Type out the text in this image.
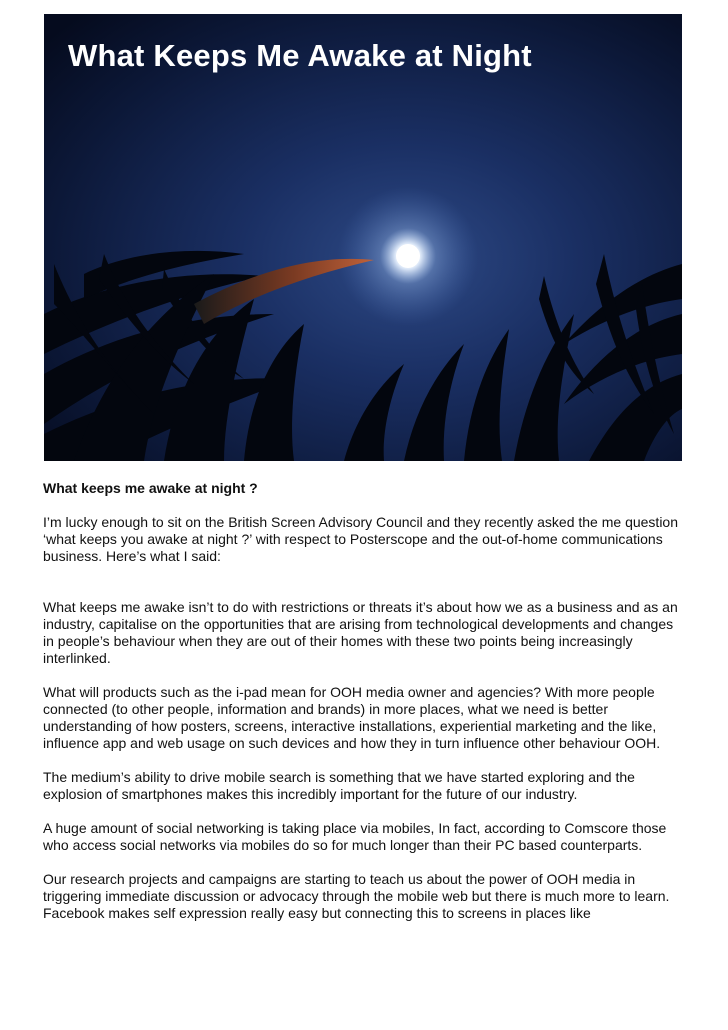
What Keeps Me Awake at Night
What keeps me awake at night ?

I’m lucky enough to sit on the British Screen Advisory Council and they recently asked the me question ‘what keeps you awake at night ?’ with respect to Posterscope and the out-of-home communications business. Here’s what I said:

What keeps me awake isn’t to do with restrictions or threats it’s about how we as a business and as an industry, capitalise on the opportunities that are arising from technological developments and changes in people’s behaviour when they are out of their homes with these two points being increasingly interlinked.

What will products such as the i-pad mean for OOH media owner and agencies? With more people connected (to other people, information and brands) in more places, what we need is better understanding of how posters, screens, interactive installations, experiential marketing and the like, influence app and web usage on such devices and how they in turn influence other behaviour OOH.

The medium’s ability to drive mobile search is something that we have started exploring and the explosion of smartphones makes this incredibly important for the future of our industry.

A huge amount of social networking is taking place via mobiles, In fact, according to Comscore those who access social networks via mobiles do so for much longer than their PC based counterparts.

Our research projects and campaigns are starting to teach us about the power of OOH media in triggering immediate discussion or advocacy through the mobile web but there is much more to learn. Facebook makes self expression really easy but connecting this to screens in places like
